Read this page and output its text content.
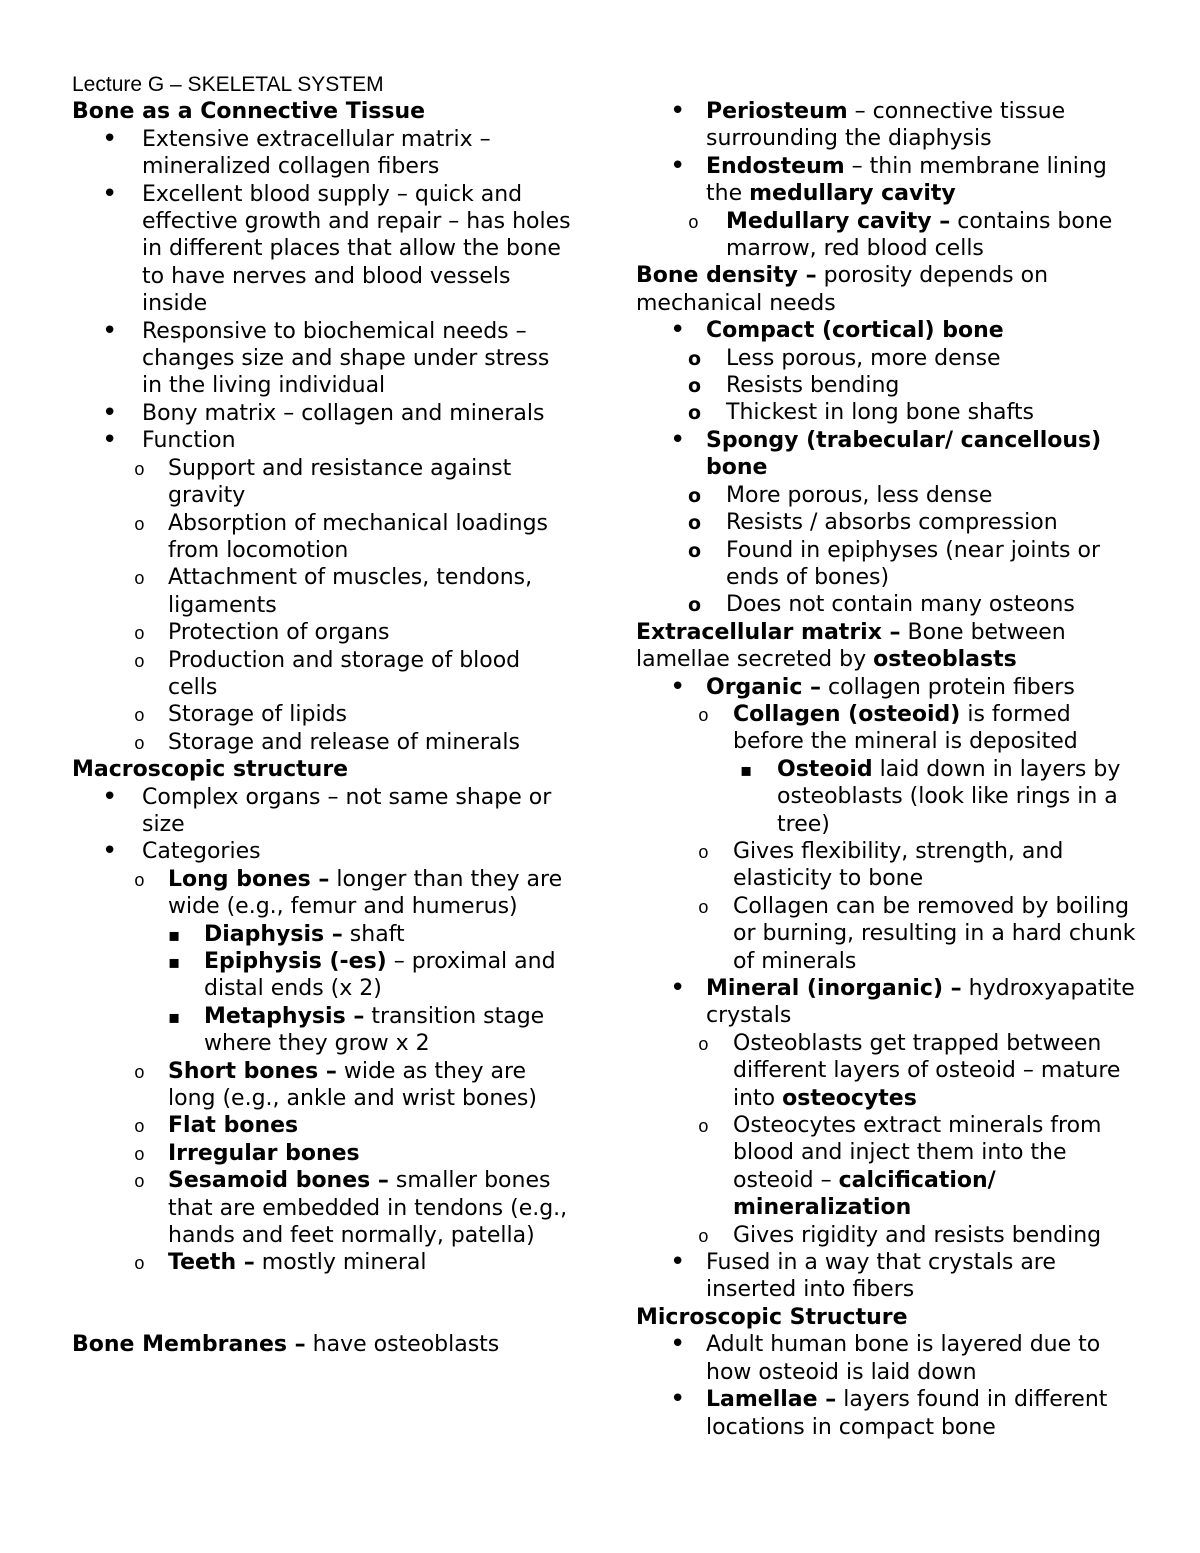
Lecture G – SKELETAL SYSTEM

Bone as a Connective Tissue

•
Extensive extracellular matrix – mineralized collagen fibers
•
Excellent blood supply – quick and effective growth and repair – has holes in different places that allow the bone to have nerves and blood vessels inside
•
Responsive to biochemical needs – changes size and shape under stress in the living individual
•
Bony matrix – collagen and minerals
•
Function
o
Support and resistance against gravity
o
Absorption of mechanical loadings from locomotion
o
Attachment of muscles, tendons, ligaments
o
Protection of organs
o
Production and storage of blood cells
o
Storage of lipids
o
Storage and release of minerals

Macroscopic structure

•
Complex organs – not same shape or size
•
Categories
o
Long bones – longer than they are wide (e.g., femur and humerus)
▪
Diaphysis – shaft
▪
Epiphysis (-es) – proximal and distal ends (x 2)
▪
Metaphysis – transition stage where they grow x 2
o
Short bones – wide as they are long (e.g., ankle and wrist bones)
o
Flat bones
o
Irregular bones
o
Sesamoid bones – smaller bones that are embedded in tendons (e.g., hands and feet normally, patella)
o
Teeth – mostly mineral

Bone Membranes – have osteoblasts

•
Periosteum – connective tissue surrounding the diaphysis
•
Endosteum – thin membrane lining the medullary cavity
o
Medullary cavity – contains bone marrow, red blood cells

Bone density – porosity depends on mechanical needs

•
Compact (cortical) bone
o
Less porous, more dense
o
Resists bending
o
Thickest in long bone shafts
•
Spongy (trabecular/ cancellous) bone
o
More porous, less dense
o
Resists / absorbs compression
o
Found in epiphyses (near joints or ends of bones)
o
Does not contain many osteons

Extracellular matrix – Bone between lamellae secreted by osteoblasts

•
Organic – collagen protein fibers
o
Collagen (osteoid) is formed before the mineral is deposited
▪
Osteoid laid down in layers by osteoblasts (look like rings in a tree)
o
Gives flexibility, strength, and elasticity to bone
o
Collagen can be removed by boiling or burning, resulting in a hard chunk of minerals
•
Mineral (inorganic) – hydroxyapatite crystals
o
Osteoblasts get trapped between different layers of osteoid – mature into osteocytes
o
Osteocytes extract minerals from blood and inject them into the osteoid – calcification/ mineralization
o
Gives rigidity and resists bending
•
Fused in a way that crystals are inserted into fibers

Microscopic Structure

•
Adult human bone is layered due to how osteoid is laid down
•
Lamellae – layers found in different locations in compact bone
